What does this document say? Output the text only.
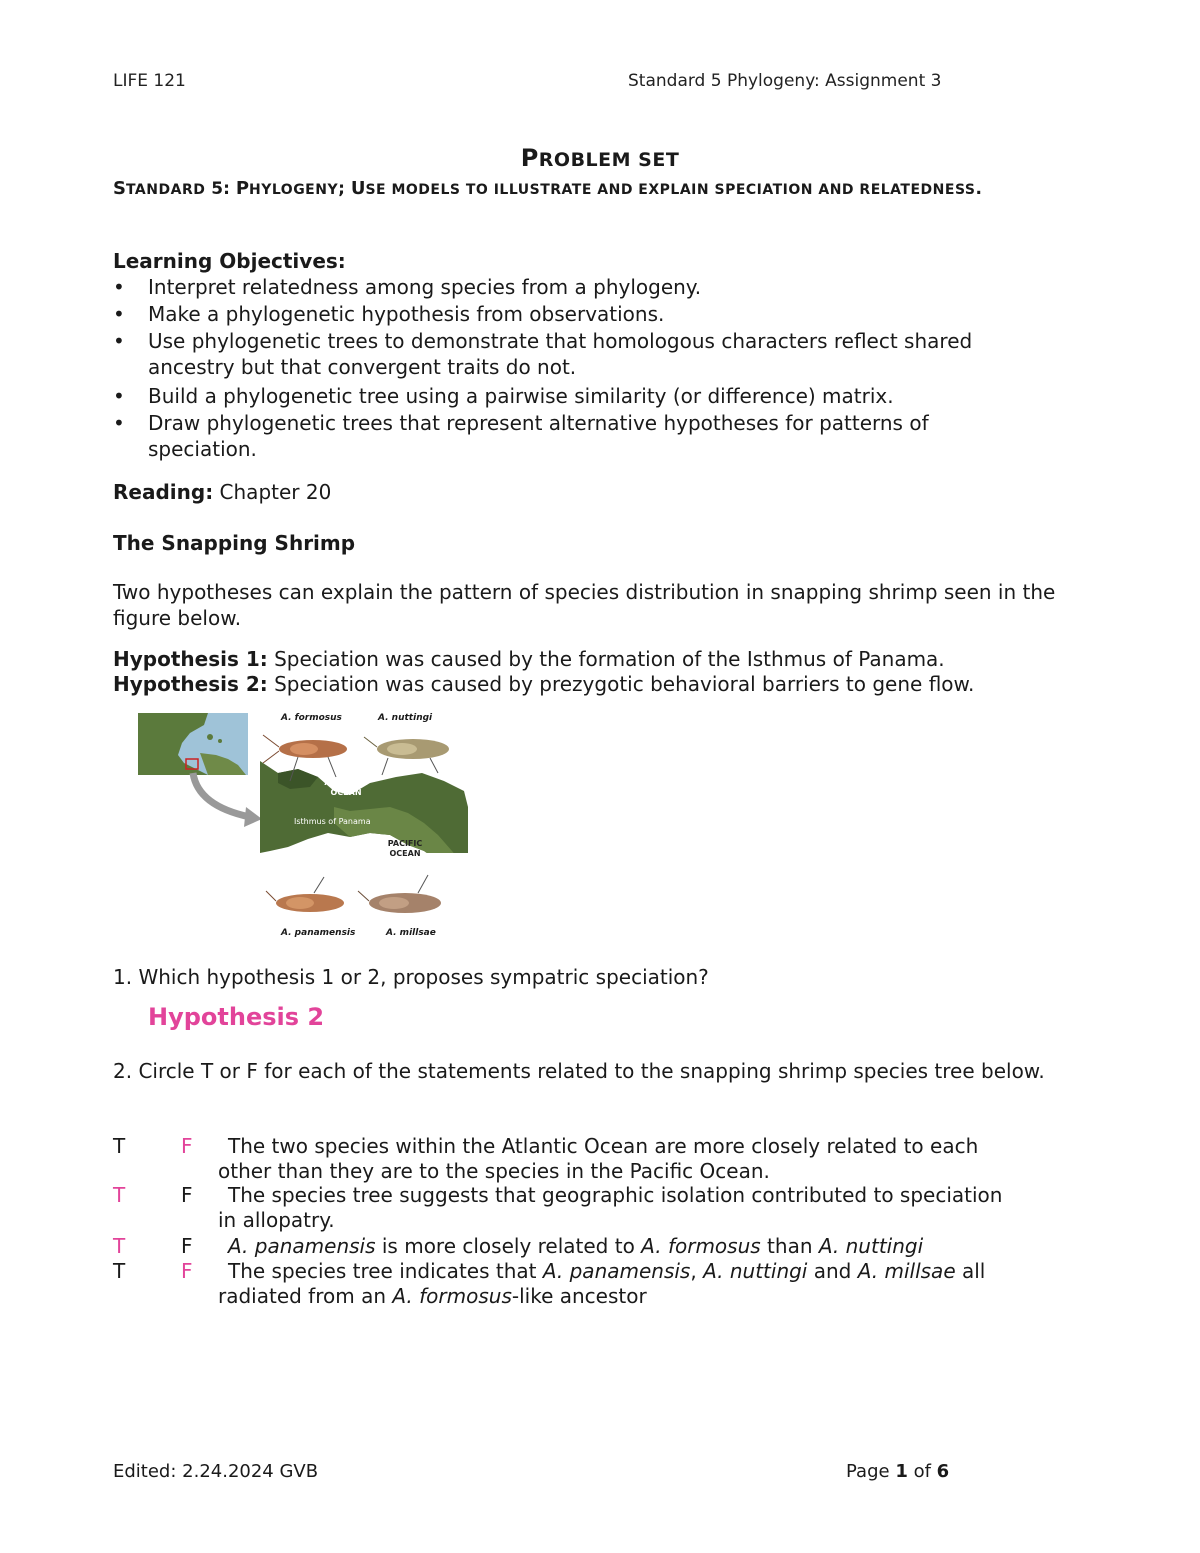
LIFE 121	Standard 5 Phylogeny: Assignment 3
PROBLEM SET
STANDARD 5: PHYLOGENY; USE MODELS TO ILLUSTRATE AND EXPLAIN SPECIATION AND RELATEDNESS.
Learning Objectives:
• Interpret relatedness among species from a phylogeny.
• Make a phylogenetic hypothesis from observations.
• Use phylogenetic trees to demonstrate that homologous characters reflect shared ancestry but that convergent traits do not.
• Build a phylogenetic tree using a pairwise similarity (or difference) matrix.
• Draw phylogenetic trees that represent alternative hypotheses for patterns of speciation.
Reading: Chapter 20
The Snapping Shrimp
Two hypotheses can explain the pattern of species distribution in snapping shrimp seen in the figure below.
Hypothesis 1: Speciation was caused by the formation of the Isthmus of Panama.
Hypothesis 2: Speciation was caused by prezygotic behavioral barriers to gene flow.
A. formosus	A. nuttingi
A. panamensis	A. millsae
ATLANTIC
OCEAN
PACIFIC
OCEAN
Isthmus of Panama
1. Which hypothesis 1 or 2, proposes sympatric speciation?
Hypothesis 2
2. Circle T or F for each of the statements related to the snapping shrimp species tree below.
T	F The two species within the Atlantic Ocean are more closely related to each
other than they are to the species in the Pacific Ocean.
T	F The species tree suggests that geographic isolation contributed to speciation
in allopatry.
T	F A. panamensis is more closely related to A. formosus than A. nuttingi
T	F The species tree indicates that A. panamensis, A. nuttingi and A. millsae all
radiated from an A. formosus-like ancestor
Edited: 2.24.2024 GVB	Page 1 of 6
